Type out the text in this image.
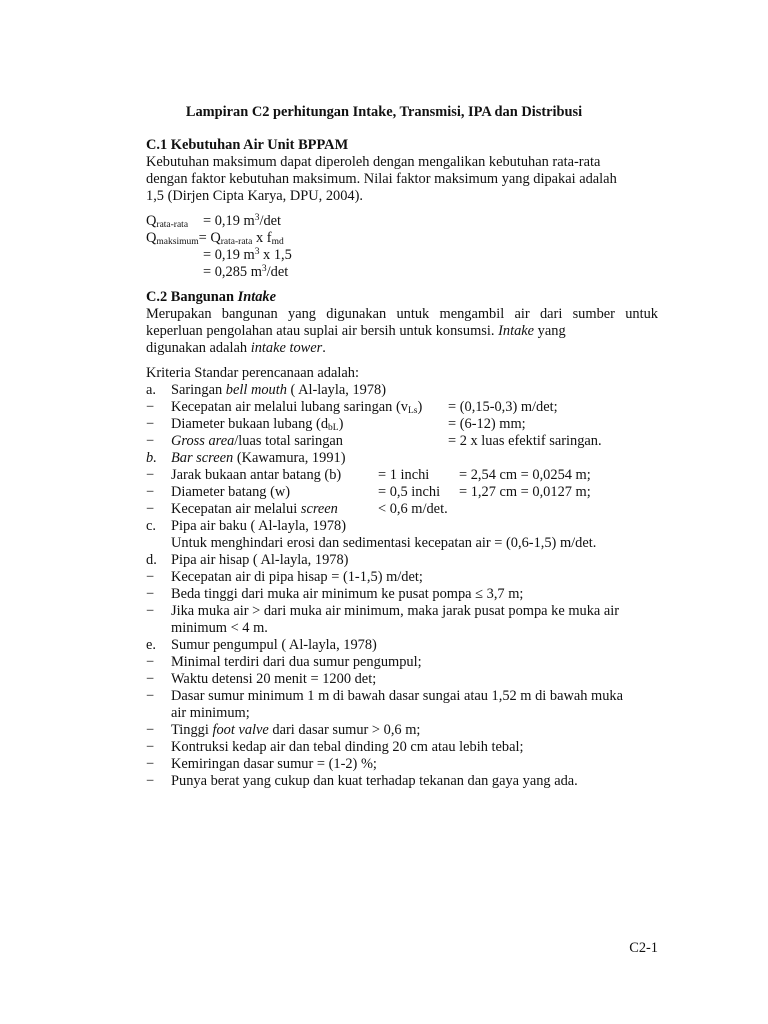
Lampiran C2 perhitungan Intake, Transmisi, IPA dan Distribusi
C.1 Kebutuhan Air Unit BPPAM
Kebutuhan maksimum dapat diperoleh dengan mengalikan kebutuhan rata-rata
dengan faktor kebutuhan maksimum. Nilai faktor maksimum yang dipakai adalah
1,5 (Dirjen Cipta Karya, DPU, 2004).
$Q_{rata-rata} = 0,19$ $m^3/\det$
$Q_{maksimum}= Q_{rata-rata}$ x $f_{md}$
= 0,19 $m^3$ x 1,5
= 0,285 $m^3/\det$
C.2 Bangunan Intake
Merupakan bangunan yang digunakan untuk mengambil air dari sumber untuk keperluan pengolahan atau suplai air bersih untuk konsumsi. Intake yang
digunakan adalah intake tower.
Kriteria Standar perencanaan adalah:
a. Saringan bell mouth ( Al-layla, 1978)
− Kecepatan air melalui lubang saringan $(v_{Ls}) = (0,15-0,3)$ m/det;
− Diameter bukaan lubang $(d_{bL})$	= (6-12) mm;
− Gross area/luas total saringan	= 2 x luas efektif saringan.
b. Bar screen (Kawamura, 1991)
− Jarak bukaan antar batang (b)	= 1 inchi = 2,54 cm = 0,0254 m;
− Diameter batang (w)	= 0,5 inchi = 1,27 cm = 0,0127 m;
− Kecepatan air melalui screen	< 0,6 m/det.
c. Pipa air baku ( Al-layla, 1978)
Untuk menghindari erosi dan sedimentasi kecepatan air = (0,6-1,5) m/det.
d. Pipa air hisap ( Al-layla, 1978)
− Kecepatan air di pipa hisap = (1-1,5) m/det;
− Beda tinggi dari muka air minimum ke pusat pompa ≤ 3,7 m;
− Jika muka air > dari muka air minimum, maka jarak pusat pompa ke muka air
minimum < 4 m.
e. Sumur pengumpul ( Al-layla, 1978)
− Minimal terdiri dari dua sumur pengumpul;
− Waktu detensi 20 menit = 1200 det;
− Dasar sumur minimum 1 m di bawah dasar sungai atau 1,52 m di bawah muka
air minimum;
− Tinggi foot valve dari dasar sumur > 0,6 m;
− Kontruksi kedap air dan tebal dinding 20 cm atau lebih tebal;
− Kemiringan dasar sumur = (1-2) %;
− Punya berat yang cukup dan kuat terhadap tekanan dan gaya yang ada.
C2-1
